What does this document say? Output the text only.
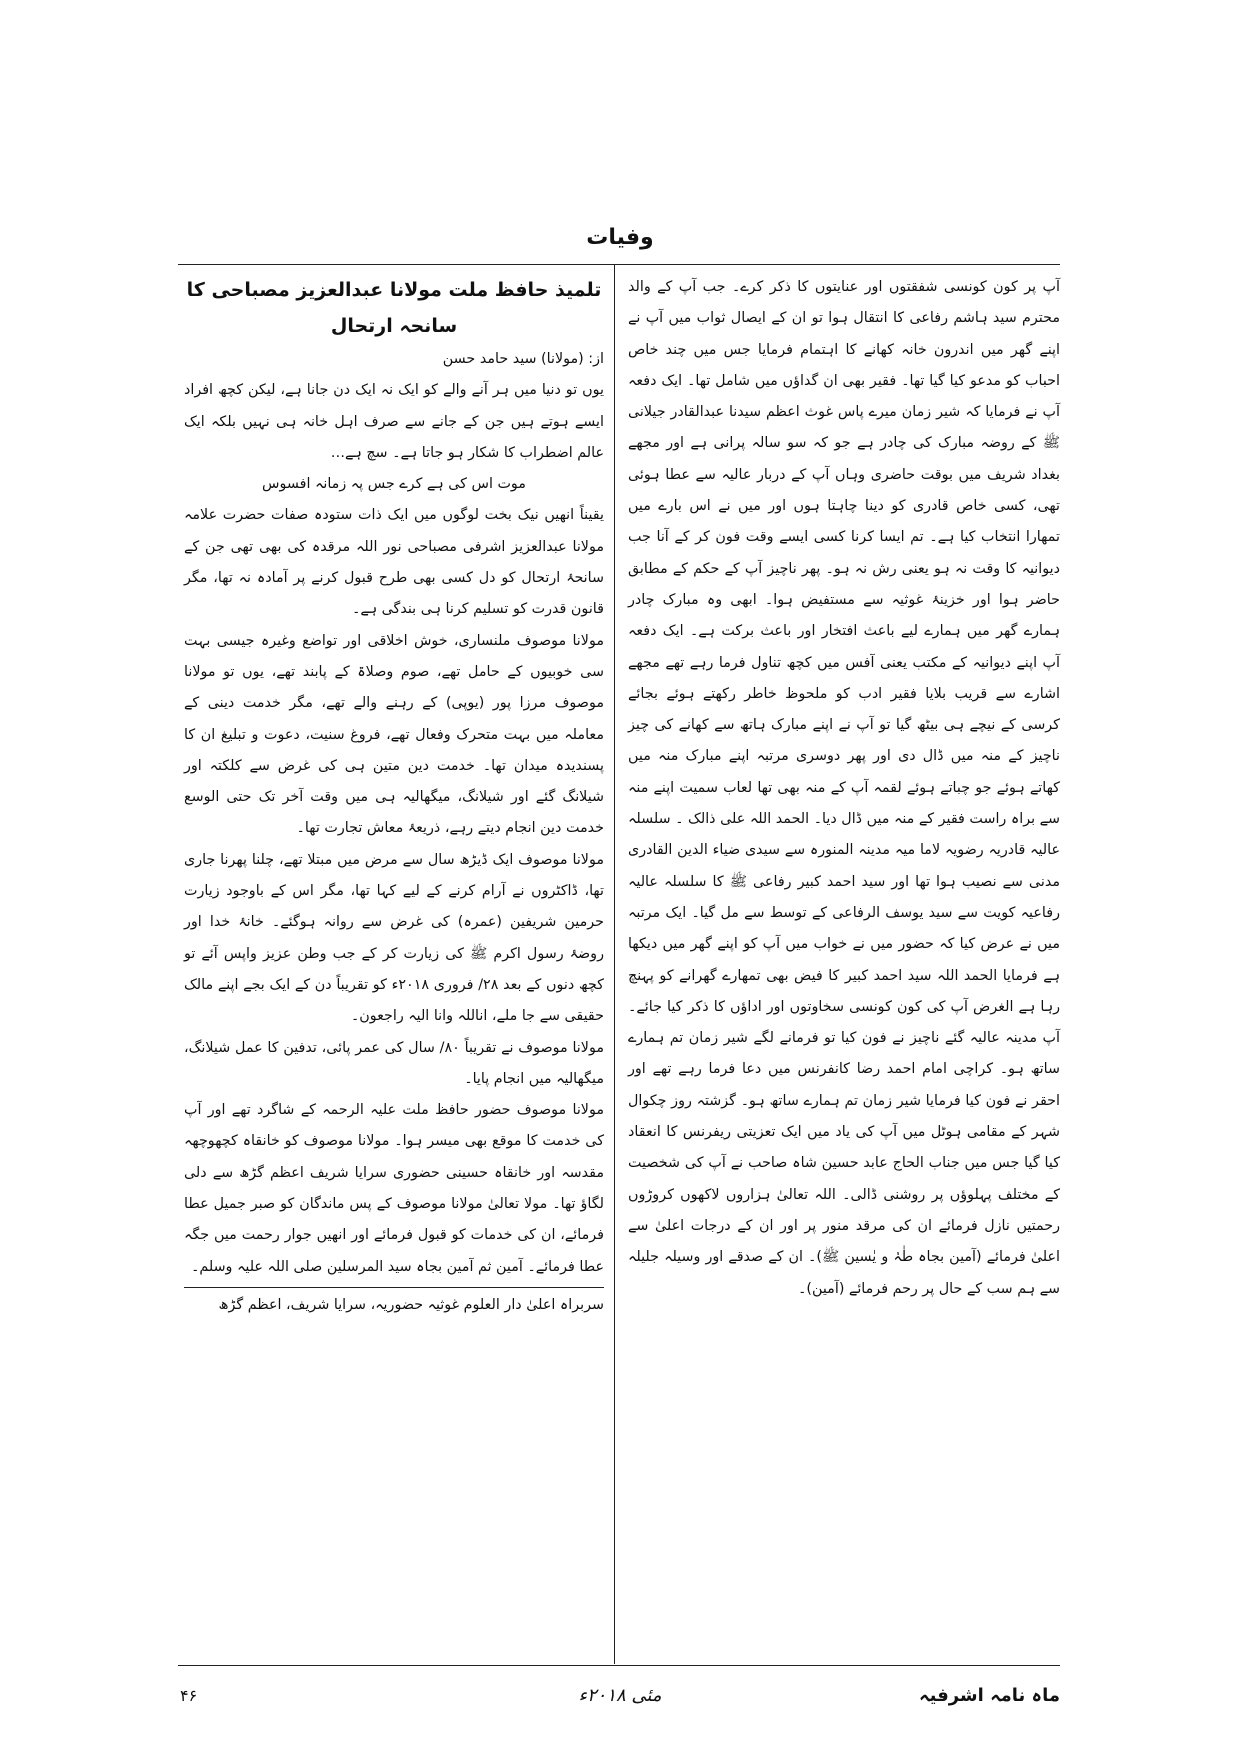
وفیات

آپ پر کون کونسی شفقتوں اور عنایتوں کا ذکر کرے۔ جب آپ کے والد محترم سید ہاشم رفاعی کا انتقال ہوا تو ان کے ایصال ثواب میں آپ نے اپنے گھر میں اندرون خانہ کھانے کا اہتمام فرمایا جس میں چند خاص احباب کو مدعو کیا گیا تھا۔ فقیر بھی ان گداؤں میں شامل تھا۔ ایک دفعہ آپ نے فرمایا کہ شیر زمان میرے پاس غوث اعظم سیدنا عبدالقادر جیلانی ﷺ کے روضہ مبارک کی چادر ہے جو کہ سو سالہ پرانی ہے اور مجھے بغداد شریف میں بوقت حاضری وہاں آپ کے دربار عالیہ سے عطا ہوئی تھی، کسی خاص قادری کو دینا چاہتا ہوں اور میں نے اس بارے میں تمھارا انتخاب کیا ہے۔ تم ایسا کرنا کسی ایسے وقت فون کر کے آنا جب دیوانیہ کا وقت نہ ہو یعنی رش نہ ہو۔ پھر ناچیز آپ کے حکم کے مطابق حاضر ہوا اور خزینۂ غوثیہ سے مستفیض ہوا۔ ابھی وہ مبارک چادر ہمارے گھر میں ہمارے لیے باعث افتخار اور باعث برکت ہے۔ ایک دفعہ آپ اپنے دیوانیہ کے مکتب یعنی آفس میں کچھ تناول فرما رہے تھے مجھے اشارے سے قریب بلایا فقیر ادب کو ملحوظ خاطر رکھتے ہوئے بجائے کرسی کے نیچے ہی بیٹھ گیا تو آپ نے اپنے مبارک ہاتھ سے کھانے کی چیز ناچیز کے منہ میں ڈال دی اور پھر دوسری مرتبہ اپنے مبارک منہ میں کھاتے ہوئے جو چباتے ہوئے لقمہ آپ کے منہ بھی تھا لعاب سمیت اپنے منہ سے براہ راست فقیر کے منہ میں ڈال دیا۔ الحمد اللہ علی ذالک ۔ سلسلہ عالیہ قادریہ رضویہ لاما میہ مدینہ المنورہ سے سیدی ضیاء الدین القادری مدنی سے نصیب ہوا تھا اور سید احمد کبیر رفاعی ﷺ کا سلسلہ عالیہ رفاعیہ کویت سے سید یوسف الرفاعی کے توسط سے مل گیا۔ ایک مرتبہ میں نے عرض کیا کہ حضور میں نے خواب میں آپ کو اپنے گھر میں دیکھا ہے فرمایا الحمد اللہ سید احمد کبیر کا فیض بھی تمھارے گھرانے کو پہنچ رہا ہے الغرض آپ کی کون کونسی سخاوتوں اور اداؤں کا ذکر کیا جائے۔ آپ مدینہ عالیہ گئے ناچیز نے فون کیا تو فرمانے لگے شیر زمان تم ہمارے ساتھ ہو۔ کراچی امام احمد رضا کانفرنس میں دعا فرما رہے تھے اور احقر نے فون کیا فرمایا شیر زمان تم ہمارے ساتھ ہو۔ گزشتہ روز چکوال شہر کے مقامی ہوٹل میں آپ کی یاد میں ایک تعزیتی ریفرنس کا انعقاد کیا گیا جس میں جناب الحاج عابد حسین شاہ صاحب نے آپ کی شخصیت کے مختلف پہلوؤں پر روشنی ڈالی۔ اللہ تعالیٰ ہزاروں لاکھوں کروڑوں رحمتیں نازل فرمائے ان کی مرقد منور پر اور ان کے درجات اعلیٰ سے اعلیٰ فرمائے (آمین بجاہ طٰہٰ و یٰسین ﷺ)۔ ان کے صدقے اور وسیلہ جلیلہ سے ہم سب کے حال پر رحم فرمائے (آمین)۔

تلمیذ حافظ ملت مولانا عبدالعزیز مصباحی کا سانحہ ارتحال

از: (مولانا) سید حامد حسن

یوں تو دنیا میں ہر آنے والے کو ایک نہ ایک دن جانا ہے، لیکن کچھ افراد ایسے ہوتے ہیں جن کے جانے سے صرف اہل خانہ ہی نہیں بلکہ ایک عالم اضطراب کا شکار ہو جاتا ہے۔ سچ ہے…

موت اس کی ہے کرے جس پہ زمانہ افسوس

یقیناً انھیں نیک بخت لوگوں میں ایک ذات ستودہ صفات حضرت علامہ مولانا عبدالعزیز اشرفی مصباحی نور اللہ مرقدہ کی بھی تھی جن کے سانحۂ ارتحال کو دل کسی بھی طرح قبول کرنے پر آمادہ نہ تھا، مگر قانون قدرت کو تسلیم کرنا ہی بندگی ہے۔

مولانا موصوف ملنساری، خوش اخلاقی اور تواضع وغیرہ جیسی بہت سی خوبیوں کے حامل تھے، صوم وصلاۃ کے پابند تھے، یوں تو مولانا موصوف مرزا پور (یوپی) کے رہنے والے تھے، مگر خدمت دینی کے معاملہ میں بہت متحرک وفعال تھے، فروغ سنیت، دعوت و تبلیغ ان کا پسندیدہ میدان تھا۔ خدمت دین متین ہی کی غرض سے کلکتہ اور شیلانگ گئے اور شیلانگ، میگھالیہ ہی میں وقت آخر تک حتی الوسع خدمت دین انجام دیتے رہے، ذریعۂ معاش تجارت تھا۔

مولانا موصوف ایک ڈیڑھ سال سے مرض میں مبتلا تھے، چلنا پھرنا جاری تھا، ڈاکٹروں نے آرام کرنے کے لیے کہا تھا، مگر اس کے باوجود زیارت حرمین شریفین (عمرہ) کی غرض سے روانہ ہوگئے۔ خانۂ خدا اور روضۂ رسول اکرم ﷺ کی زیارت کر کے جب وطن عزیز واپس آئے تو کچھ دنوں کے بعد ۲۸/ فروری ۲۰۱۸ء کو تقریباً دن کے ایک بجے اپنے مالک حقیقی سے جا ملے، اناللہ وانا الیہ راجعون۔

مولانا موصوف نے تقریباً ۸۰/ سال کی عمر پائی، تدفین کا عمل شیلانگ، میگھالیہ میں انجام پایا۔

مولانا موصوف حضور حافظ ملت علیہ الرحمہ کے شاگرد تھے اور آپ کی خدمت کا موقع بھی میسر ہوا۔ مولانا موصوف کو خانقاہ کچھوچھہ مقدسہ اور خانقاہ حسینی حضوری سرایا شریف اعظم گڑھ سے دلی لگاؤ تھا۔ مولا تعالیٰ مولانا موصوف کے پس ماندگان کو صبر جمیل عطا فرمائے، ان کی خدمات کو قبول فرمائے اور انھیں جوار رحمت میں جگہ عطا فرمائے۔ آمین ثم آمین بجاہ سید المرسلین صلی اللہ علیہ وسلم۔

سربراہ اعلیٰ دار العلوم غوثیہ حضوریہ، سرایا شریف، اعظم گڑھ

۴۶	مئی ۲۰۱۸ء	ماہ نامہ اشرفیہ
